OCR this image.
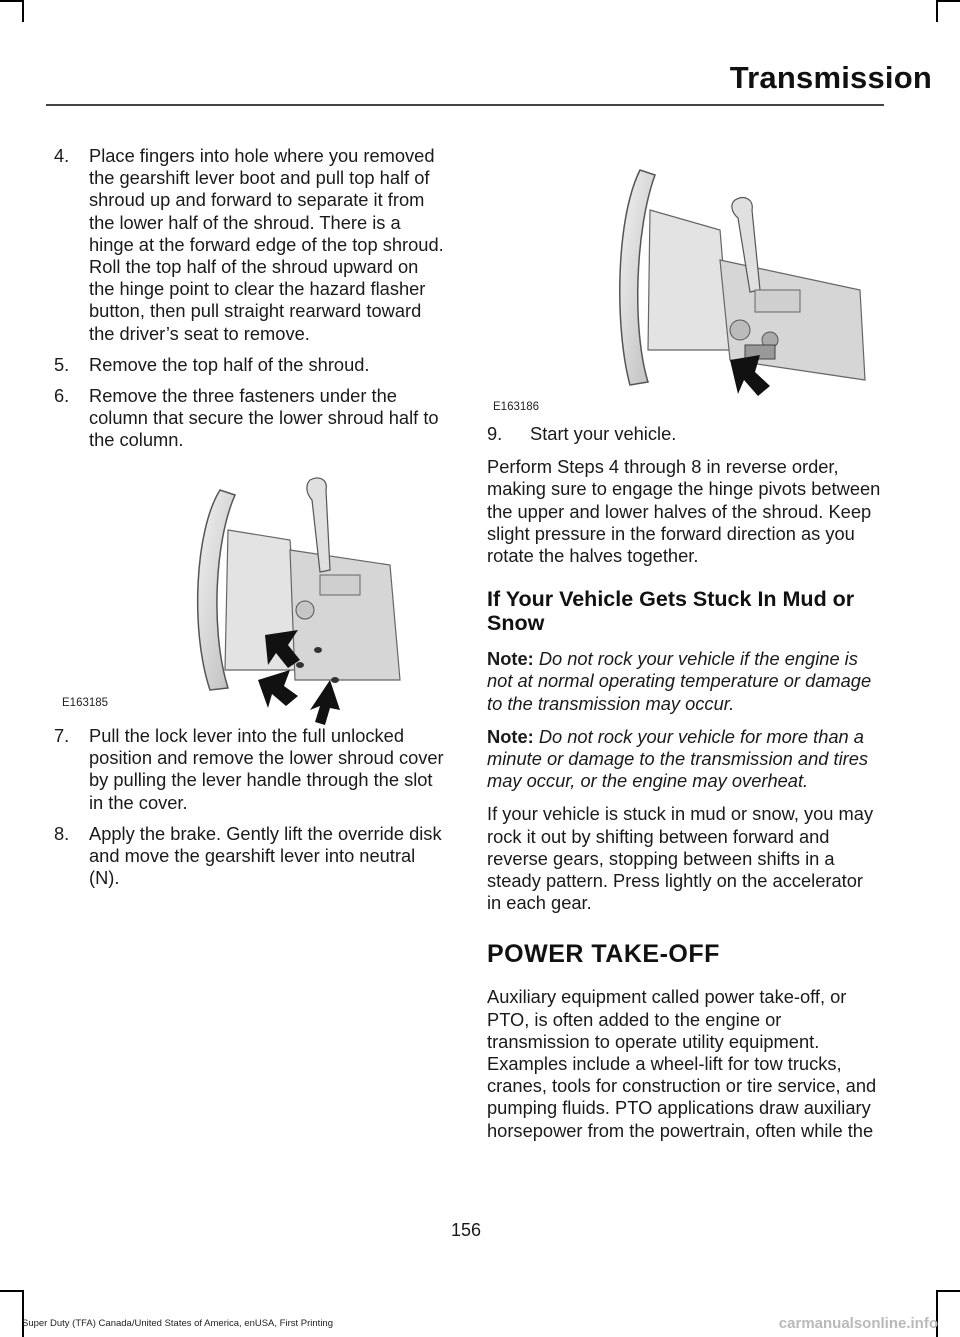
Transmission
4. Place fingers into hole where you removed the gearshift lever boot and pull top half of shroud up and forward to separate it from the lower half of the shroud. There is a hinge at the forward edge of the top shroud. Roll the top half of the shroud upward on the hinge point to clear the hazard flasher button, then pull straight rearward toward the driver’s seat to remove.
5. Remove the top half of the shroud.
6. Remove the three fasteners under the column that secure the lower shroud half to the column.
E163185
7. Pull the lock lever into the full unlocked position and remove the lower shroud cover by pulling the lever handle through the slot in the cover.
8. Apply the brake. Gently lift the override disk and move the gearshift lever into neutral (N).
E163186
9. Start your vehicle.

Perform Steps 4 through 8 in reverse order, making sure to engage the hinge pivots between the upper and lower halves of the shroud. Keep slight pressure in the forward direction as you rotate the halves together.

If Your Vehicle Gets Stuck In Mud or Snow

Note: Do not rock your vehicle if the engine is not at normal operating temperature or damage to the transmission may occur.

Note: Do not rock your vehicle for more than a minute or damage to the transmission and tires may occur, or the engine may overheat.

If your vehicle is stuck in mud or snow, you may rock it out by shifting between forward and reverse gears, stopping between shifts in a steady pattern. Press lightly on the accelerator in each gear.

POWER TAKE-OFF

Auxiliary equipment called power take-off, or PTO, is often added to the engine or transmission to operate utility equipment. Examples include a wheel-lift for tow trucks, cranes, tools for construction or tire service, and pumping fluids. PTO applications draw auxiliary horsepower from the powertrain, often while the

156
Super Duty (TFA) Canada/United States of America, enUSA, First Printing	carmanualsonline.info
